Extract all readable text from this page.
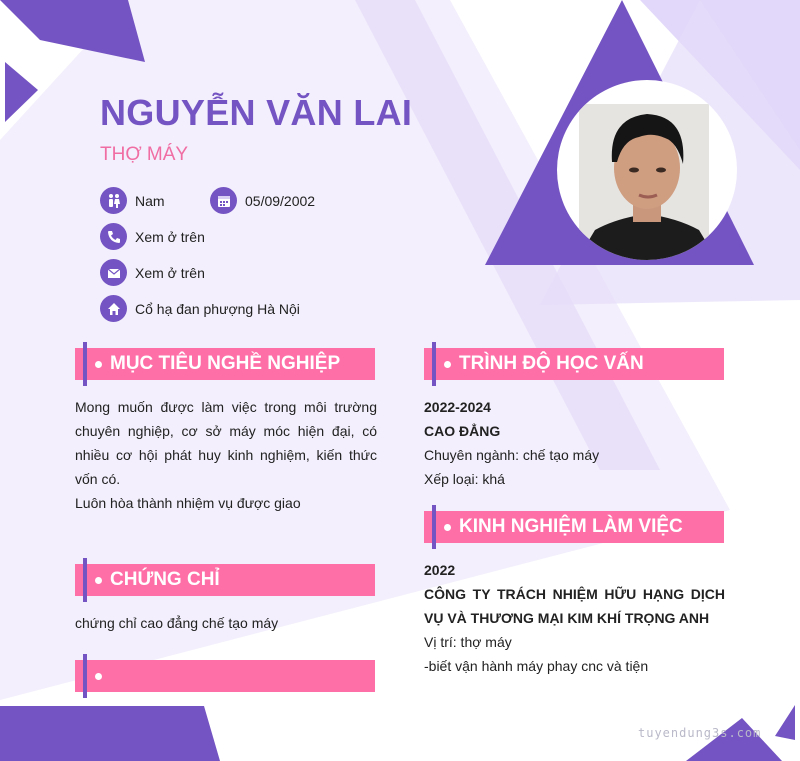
NGUYỄN VĂN LAI
THỢ MÁY
Nam	05/09/2002
Xem ở trên
Xem ở trên
Cổ hạ đan phượng Hà Nội
MỤC TIÊU NGHỀ NGHIỆP
Mong muốn được làm việc trong môi trường chuyên nghiệp, cơ sở máy móc hiện đại, có nhiều cơ hội phát huy kinh nghiệm, kiến thức vốn có.
Luôn hòa thành nhiệm vụ được giao
CHỨNG CHỈ
chứng chỉ cao đẳng chế tạo máy
TRÌNH ĐỘ HỌC VẤN
2022-2024
CAO ĐẲNG
Chuyên ngành: chế tạo máy
Xếp loại: khá
KINH NGHIỆM LÀM VIỆC
2022
CÔNG TY TRÁCH NHIỆM HỮU HẠNG DỊCH VỤ VÀ THƯƠNG MẠI KIM KHÍ TRỌNG ANH
Vị trí: thợ máy
-biết vận hành máy phay cnc và tiện
tuyendung3s.com
